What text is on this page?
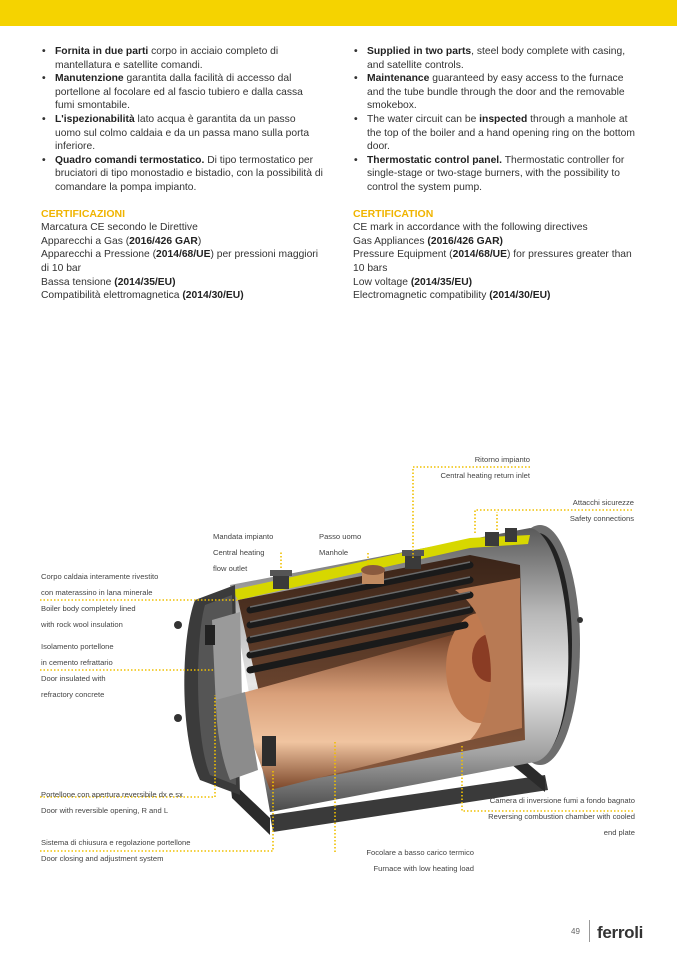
• Fornita in due parti corpo in acciaio completo di mantellatura e satellite comandi.
• Manutenzione garantita dalla facilità di accesso dal portellone al focolare ed al fascio tubiero e dalla cassa fumi smontabile.
• L'ispezionabilità lato acqua è garantita da un passo uomo sul colmo caldaia e da un passa mano sulla porta inferiore.
• Quadro comandi termostatico. Di tipo termostatico per bruciatori di tipo monostadio e bistadio, con la possibilità di comandare la pompa impianto.
CERTIFICAZIONI
Marcatura CE secondo le Direttive
Apparecchi a Gas (2016/426 GAR)
Apparecchi a Pressione (2014/68/UE) per pressioni maggiori di 10 bar
Bassa tensione (2014/35/EU)
Compatibilità elettromagnetica (2014/30/EU)
• Supplied in two parts, steel body complete with casing, and satellite controls.
• Maintenance guaranteed by easy access to the furnace and the tube bundle through the door and the removable smokebox.
• The water circuit can be inspected through a manhole at the top of the boiler and a hand opening ring on the bottom door.
• Thermostatic control panel. Thermostatic controller for single-stage or two-stage burners, with the possibility to control the system pump.
CERTIFICATION
CE mark in accordance with the following directives
Gas Appliances (2016/426 GAR)
Pressure Equipment (2014/68/UE) for pressures greater than 10 bars
Low voltage (2014/35/EU)
Electromagnetic compatibility (2014/30/EU)
Ritorno impianto
Central heating return inlet
Attacchi sicurezze
Safety connections
Mandata impianto
Central heating
flow outlet
Passo uomo
Manhole
Corpo caldaia interamente rivestito
con materassino in lana minerale
Boiler body completely lined
with rock wool insulation
Isolamento portellone
in cemento refrattario
Door insulated with
refractory concrete
Portellone con apertura reversibile dx e sx
Door with reversible opening, R and L
Sistema di chiusura e regolazione portellone
Door closing and adjustment system
Focolare a basso carico termico
Furnace with low heating load
Camera di inversione fumi a fondo bagnato
Reversing combustion chamber with cooled
end plate
49 ferroli
